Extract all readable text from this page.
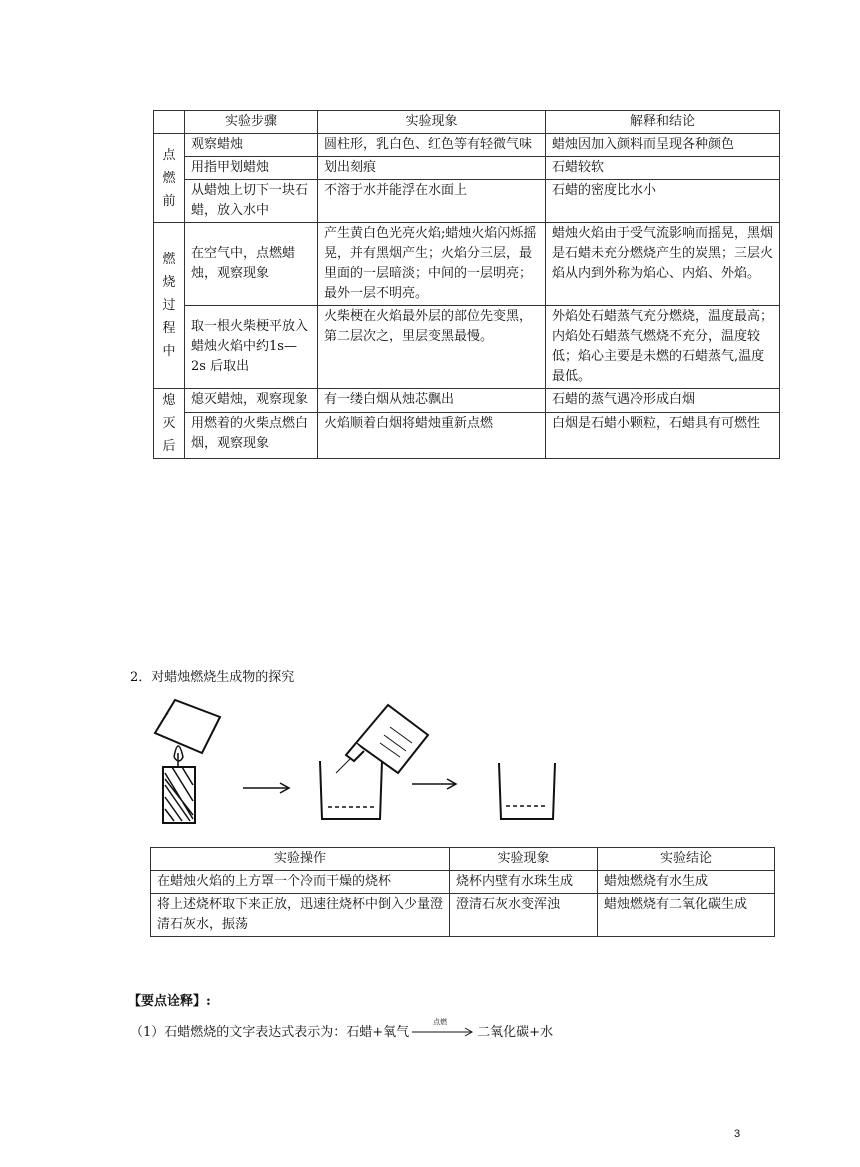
	实验步骤	实验现象	解释和结论
点燃前	观察蜡烛	圆柱形，乳白色、红色等有轻微气味	蜡烛因加入颜料而呈现各种颜色
	用指甲划蜡烛	划出刻痕	石蜡较软
	从蜡烛上切下一块石蜡，放入水中	不溶于水并能浮在水面上	石蜡的密度比水小
燃烧过程中	在空气中，点燃蜡烛，观察现象	产生黄白色光亮火焰;蜡烛火焰闪烁摇晃，并有黑烟产生；火焰分三层，最里面的一层暗淡；中间的一层明亮；最外一层不明亮。	蜡烛火焰由于受气流影响而摇晃，黑烟是石蜡未充分燃烧产生的炭黑；三层火焰从内到外称为焰心、内焰、外焰。
	取一根火柴梗平放入蜡烛火焰中约1s—2s 后取出	火柴梗在火焰最外层的部位先变黑，第二层次之，里层变黑最慢。	外焰处石蜡蒸气充分燃烧，温度最高；内焰处石蜡蒸气燃烧不充分，温度较低；焰心主要是未燃的石蜡蒸气,温度最低。
熄灭后	熄灭蜡烛，观察现象	有一缕白烟从烛芯飘出	石蜡的蒸气遇冷形成白烟
	用燃着的火柴点燃白烟，观察现象	火焰顺着白烟将蜡烛重新点燃	白烟是石蜡小颗粒，石蜡具有可燃性
2．对蜡烛燃烧生成物的探究
实验操作	实验现象	实验结论
在蜡烛火焰的上方罩一个冷而干燥的烧杯	烧杯内壁有水珠生成	蜡烛燃烧有水生成
将上述烧杯取下来正放，迅速往烧杯中倒入少量澄清石灰水，振荡	澄清石灰水变浑浊	蜡烛燃烧有二氧化碳生成
【要点诠释】:
（1）石蜡燃烧的文字表达式表示为：石蜡+氧气
点燃
二氧化碳+水
3
